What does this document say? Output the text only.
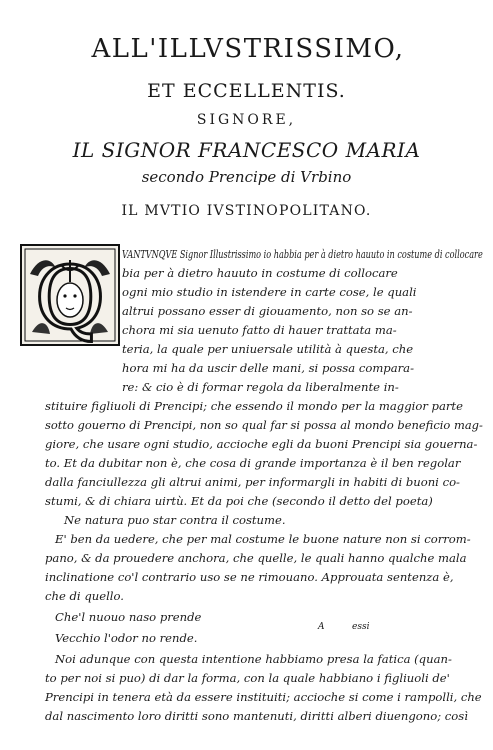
ALL'ILLVSTRISSIMO,
ET ECCELLENTIS.
SIGNORE,
IL SIGNOR FRANCESCO MARIA
secondo Prencipe di Vrbino
IL MVTIO IVSTINOPOLITANO.
Q VANTVNQVE Signor Illustrissimo io habbia per à dietro hauuto in costume di collocare
bia per à dietro hauuto in costume di collocare
ogni mio studio in istendere in carte cose, le quali
altrui possano esser di giouamento, non so se an-
chora mi sia uenuto fatto di hauer trattata ma-
teria, la quale per uniuersale utilità à questa, che
hora mi ha da uscir delle mani, si possa compara-
re: & cio è di formar regola da liberalmente in-
stituire figliuoli di Prencipi; che essendo il mondo per la maggior parte
sotto gouerno di Prencipi, non so qual far si possa al mondo beneficio mag-
giore, che usare ogni studio, accioche egli da buoni Prencipi sia gouerna-
to. Et da dubitar non è, che cosa di grande importanza è il ben regolar
dalla fanciullezza gli altrui animi, per informargli in habiti di buoni co-
stumi, & di chiara uirtù. Et da poi che (secondo il detto del poeta)
Ne natura puo star contra il costume.
E' ben da uedere, che per mal costume le buone nature non si corrom-
pano, & da prouedere anchora, che quelle, le quali hanno qualche mala
inclinatione co'l contrario uso se ne rimouano. Approuata sentenza è,
che di quello.
Che'l nuouo naso prende
Vecchio l'odor no rende.
Noi adunque con questa intentione habbiamo presa la fatica (quan-
to per noi si puo) di dar la forma, con la quale habbiano i figliuoli de'
Prencipi in tenera età da essere instituiti; accioche si come i rampolli, che
dal nascimento loro diritti sono mantenuti, diritti alberi diuengono; così
A	essi
